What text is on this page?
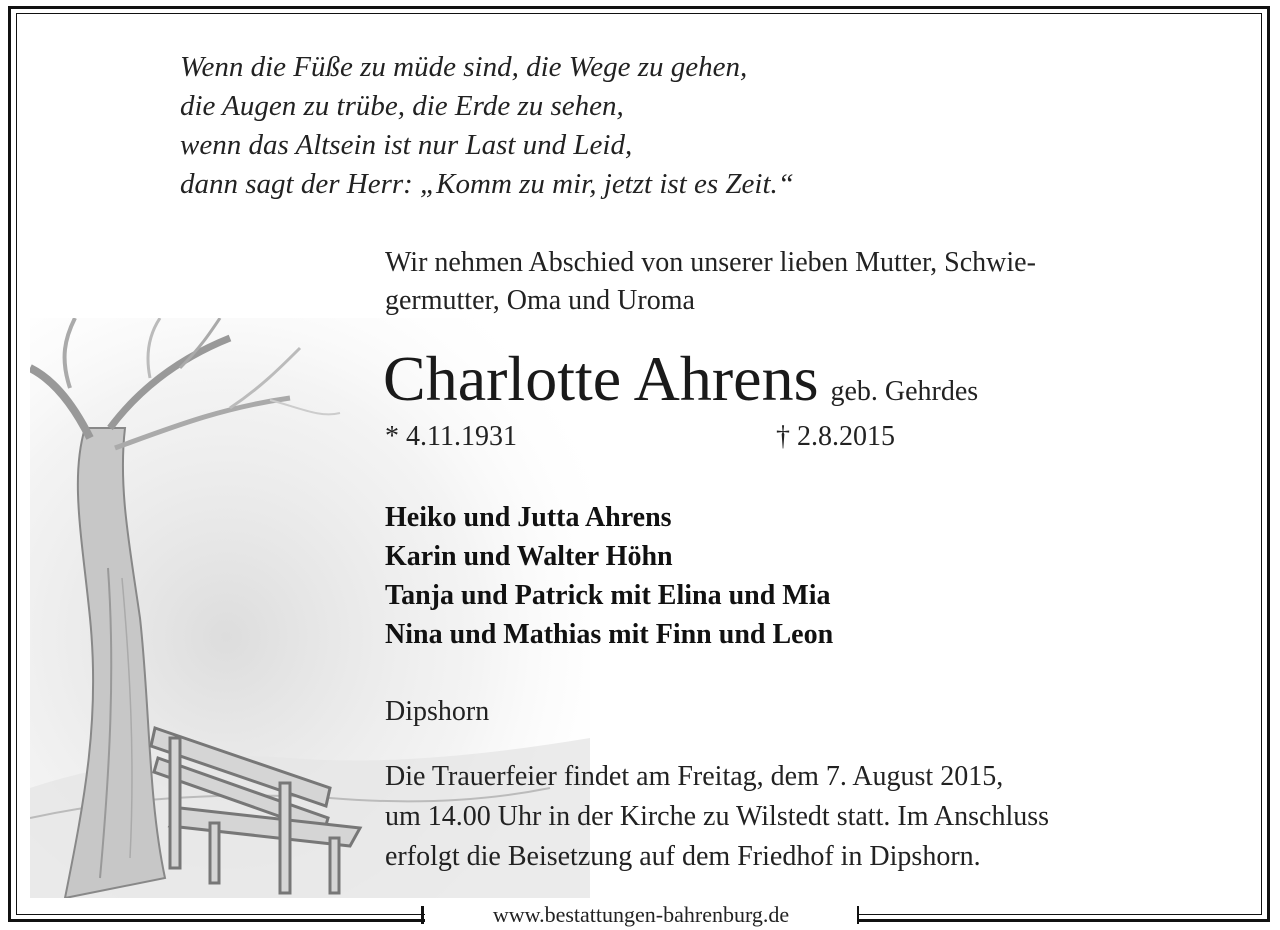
Wenn die Füße zu müde sind, die Wege zu gehen,
die Augen zu trübe, die Erde zu sehen,
wenn das Altsein ist nur Last und Leid,
dann sagt der Herr: „Komm zu mir, jetzt ist es Zeit.“
Wir nehmen Abschied von unserer lieben Mutter, Schwie-
germutter, Oma und Uroma
Charlotte Ahrens geb. Gehrdes
* 4.11.1931	† 2.8.2015
Heiko und Jutta Ahrens
Karin und Walter Höhn
Tanja und Patrick mit Elina und Mia
Nina und Mathias mit Finn und Leon
Dipshorn
Die Trauerfeier findet am Freitag, dem 7. August 2015,
um 14.00 Uhr in der Kirche zu Wilstedt statt. Im Anschluss
erfolgt die Beisetzung auf dem Friedhof in Dipshorn.
www.bestattungen-bahrenburg.de
